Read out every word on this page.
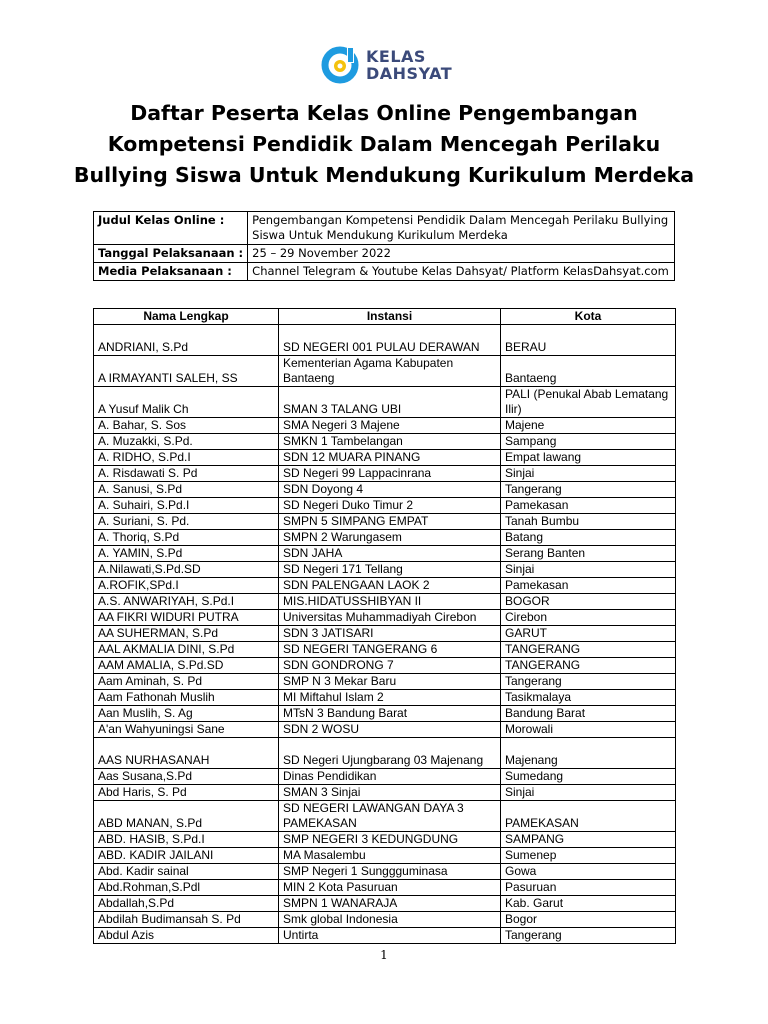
KELAS
DAHSYAT
Daftar Peserta Kelas Online Pengembangan
Kompetensi Pendidik Dalam Mencegah Perilaku
Bullying Siswa Untuk Mendukung Kurikulum Merdeka
Judul Kelas Online :	Pengembangan Kompetensi Pendidik Dalam Mencegah Perilaku Bullying Siswa Untuk Mendukung Kurikulum Merdeka
Tanggal Pelaksanaan :	25 – 29 November 2022
Media Pelaksanaan :	Channel Telegram & Youtube Kelas Dahsyat/ Platform KelasDahsyat.com
Nama Lengkap	Instansi	Kota
ANDRIANI, S.Pd	SD NEGERI 001 PULAU DERAWAN	BERAU
A IRMAYANTI SALEH, SS	Kementerian Agama Kabupaten Bantaeng	Bantaeng
A Yusuf Malik Ch	SMAN 3 TALANG UBI	PALI (Penukal Abab Lematang Ilir)
A. Bahar, S. Sos	SMA Negeri 3 Majene	Majene
A. Muzakki, S.Pd.	SMKN 1 Tambelangan	Sampang
A. RIDHO, S.Pd.I	SDN 12 MUARA PINANG	Empat lawang
A. Risdawati S. Pd	SD Negeri 99 Lappacinrana	Sinjai
A. Sanusi, S.Pd	SDN Doyong 4	Tangerang
A. Suhairi, S.Pd.I	SD Negeri Duko Timur 2	Pamekasan
A. Suriani, S. Pd.	SMPN 5 SIMPANG EMPAT	Tanah Bumbu
A. Thoriq, S.Pd	SMPN 2 Warungasem	Batang
A. YAMIN, S.Pd	SDN JAHA	Serang Banten
A.Nilawati,S.Pd.SD	SD Negeri 171 Tellang	Sinjai
A.ROFIK,SPd.I	SDN PALENGAAN LAOK 2	Pamekasan
A.S. ANWARIYAH, S.Pd.I	MIS.HIDATUSSHIBYAN II	BOGOR
AA FIKRI WIDURI PUTRA	Universitas Muhammadiyah Cirebon	Cirebon
AA SUHERMAN, S.Pd	SDN 3 JATISARI	GARUT
AAL AKMALIA DINI, S.Pd	SD NEGERI TANGERANG 6	TANGERANG
AAM AMALIA, S.Pd.SD	SDN GONDRONG 7	TANGERANG
Aam Aminah, S. Pd	SMP N 3 Mekar Baru	Tangerang
Aam Fathonah Muslih	MI Miftahul Islam 2	Tasikmalaya
Aan Muslih, S. Ag	MTsN 3 Bandung Barat	Bandung Barat
A'an Wahyuningsi Sane	SDN 2 WOSU	Morowali
AAS NURHASANAH	SD Negeri Ujungbarang 03 Majenang	Majenang
Aas Susana,S.Pd	Dinas Pendidikan	Sumedang
Abd Haris, S. Pd	SMAN 3 Sinjai	Sinjai
ABD MANAN, S.Pd	SD NEGERI LAWANGAN DAYA 3 PAMEKASAN	PAMEKASAN
ABD. HASIB, S.Pd.I	SMP NEGERI 3 KEDUNGDUNG	SAMPANG
ABD. KADIR JAILANI	MA Masalembu	Sumenep
Abd. Kadir sainal	SMP Negeri 1 Sunggguminasa	Gowa
Abd.Rohman,S.Pdl	MIN 2 Kota Pasuruan	Pasuruan
Abdallah,S.Pd	SMPN 1 WANARAJA	Kab. Garut
Abdilah Budimansah S. Pd	Smk global Indonesia	Bogor
Abdul Azis	Untirta	Tangerang
1
